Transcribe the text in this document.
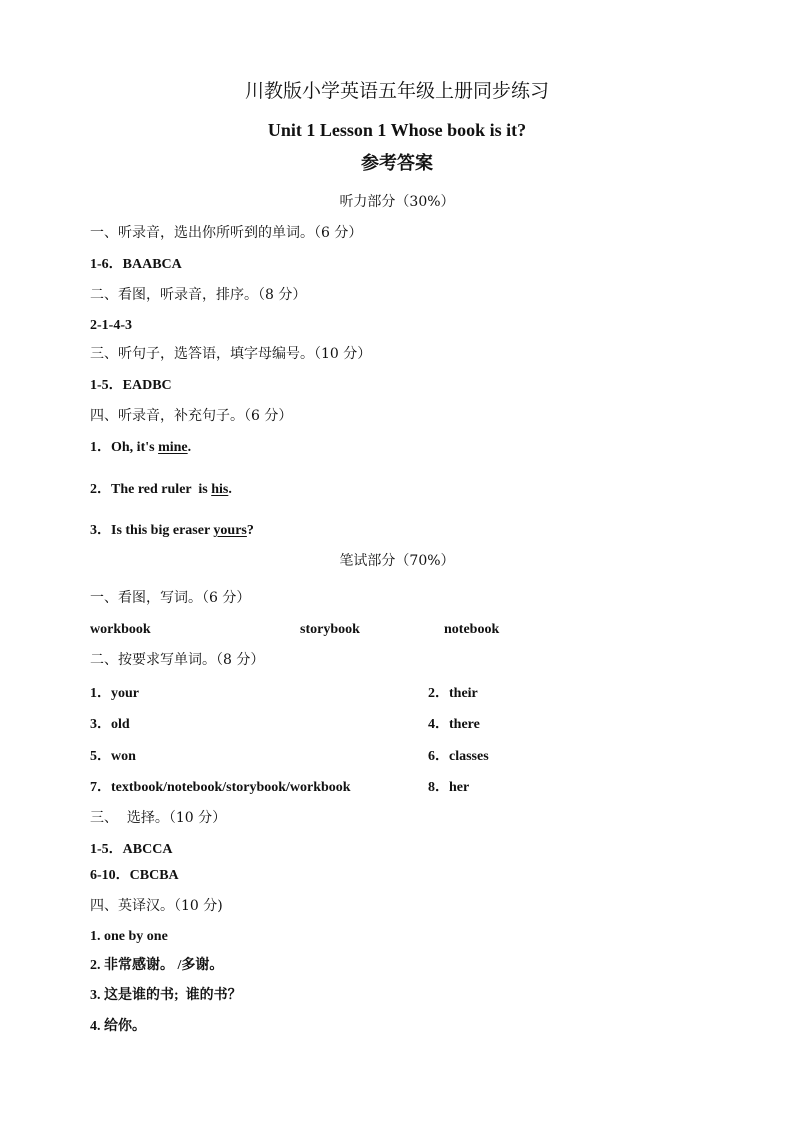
川教版小学英语五年级上册同步练习
Unit 1 Lesson 1 Whose book is it?
参考答案
听力部分（30%）
一、听录音，选出你所听到的单词。（6 分）
1-6．BAABCA
二、看图，听录音，排序。（8 分）
2-1-4-3
三、听句子，选答语，填字母编号。（10 分）
1-5．EADBC
四、听录音，补充句子。（6 分）
1．Oh, it's mine.
2．The red ruler  is his.
3．Is this big eraser yours?
笔试部分（70%）
一、看图，写词。（6 分）
workbook	storybook	notebook
二、按要求写单词。（8 分）
1．your	2．their
3．old	4．there
5．won	6．classes
7．textbook/notebook/storybook/workbook	8．her
三、  选择。（10 分）
1-5．ABCCA
6-10．CBCBA
四、英译汉。（10 分)
1. one by one
2. 非常感谢。 /多谢。
3. 这是谁的书;  谁的书？
4. 给你。
